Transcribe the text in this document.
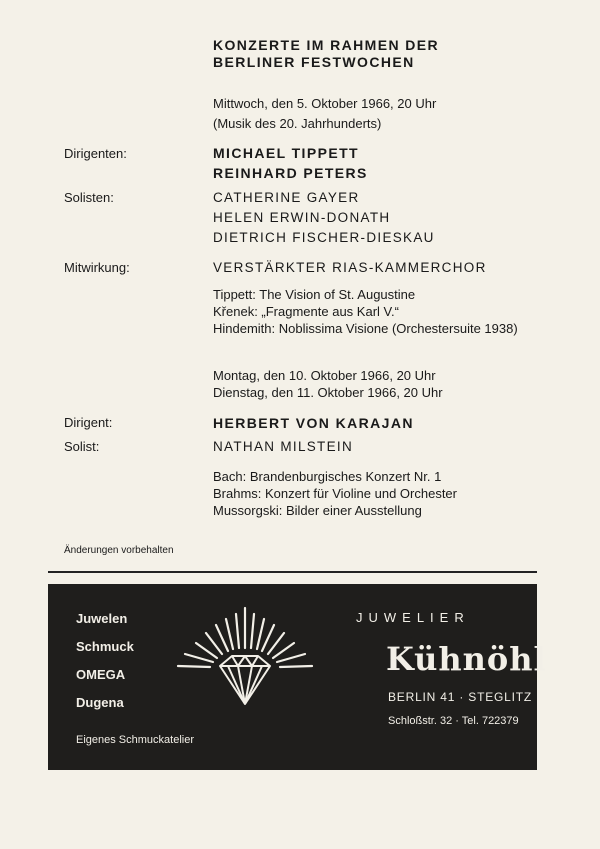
KONZERTE IM RAHMEN DER
BERLINER FESTWOCHEN
Mittwoch, den 5. Oktober 1966, 20 Uhr
(Musik des 20. Jahrhunderts)
Dirigenten:	MICHAEL TIPPETT
REINHARD PETERS
Solisten:	CATHERINE GAYER
HELEN ERWIN-DONATH
DIETRICH FISCHER-DIESKAU
Mitwirkung:	VERSTÄRKTER RIAS-KAMMERCHOR
Tippett: The Vision of St. Augustine
Křenek: „Fragmente aus Karl V.“
Hindemith: Noblissima Visione (Orchestersuite 1938)
Montag, den 10. Oktober 1966, 20 Uhr
Dienstag, den 11. Oktober 1966, 20 Uhr
Dirigent:	HERBERT VON KARAJAN
Solist:	NATHAN MILSTEIN
Bach: Brandenburgisches Konzert Nr. 1
Brahms: Konzert für Violine und Orchester
Mussorgski: Bilder einer Ausstellung
Änderungen vorbehalten
Juwelen
Schmuck
OMEGA
Dugena
Eigenes Schmuckatelier
JUWELIER
Kühnöhl
BERLIN 41 · STEGLITZ
Schloßstr. 32 · Tel. 722379
